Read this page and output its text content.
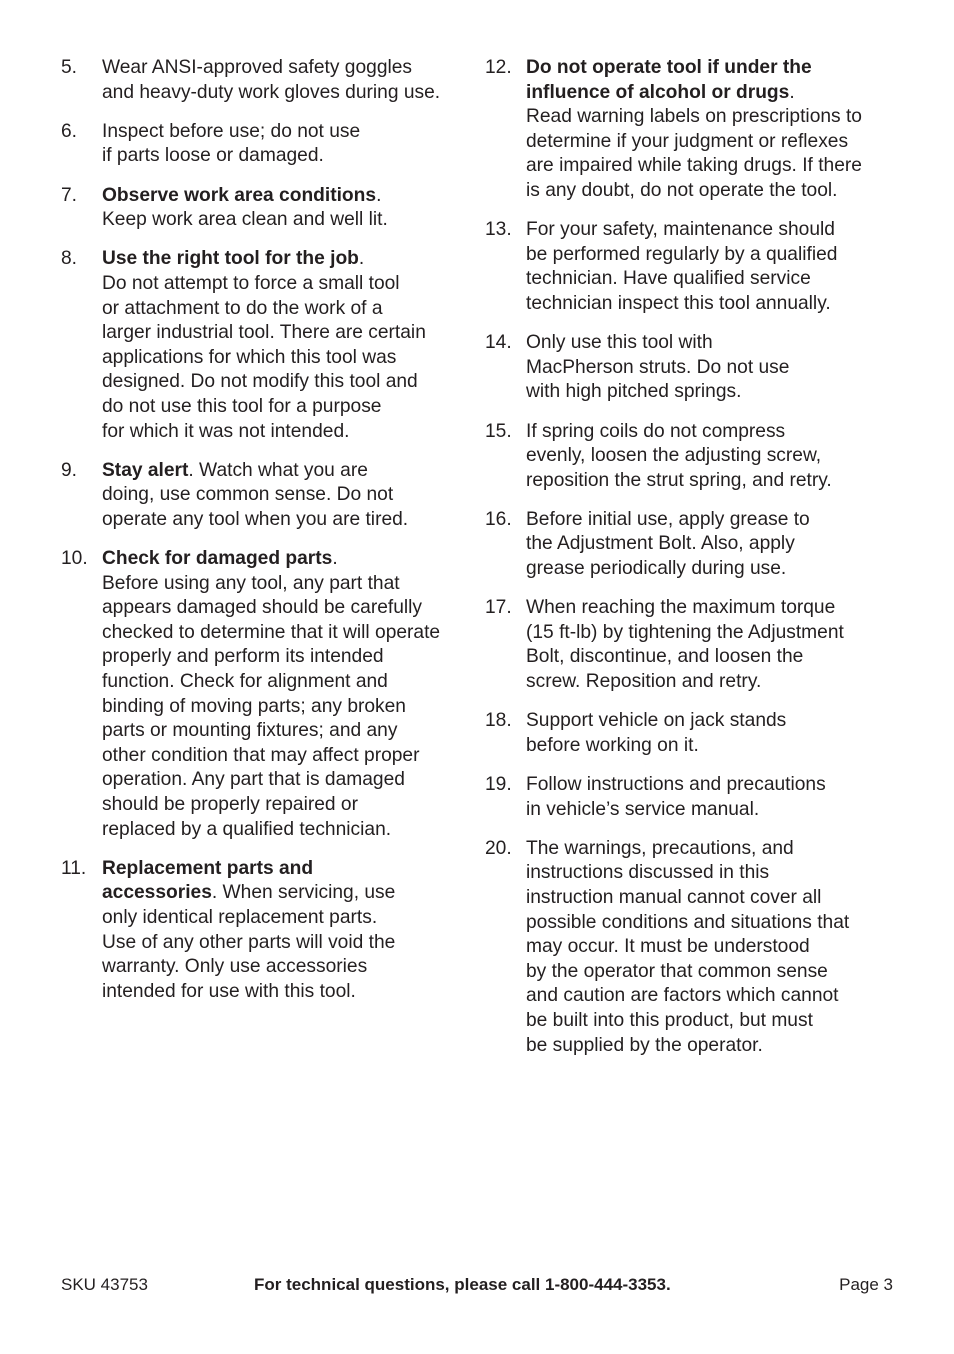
5.	Wear ANSI-approved safety goggles
and heavy-duty work gloves during use.
6.	Inspect before use; do not use
if parts loose or damaged.
7.	Observe work area conditions.
Keep work area clean and well lit.
8.	Use the right tool for the job.
Do not attempt to force a small tool
or attachment to do the work of a
larger industrial tool. There are certain
applications for which this tool was
designed. Do not modify this tool and
do not use this tool for a purpose
for which it was not intended.
9.	Stay alert. Watch what you are
doing, use common sense. Do not
operate any tool when you are tired.
10. Check for damaged parts.
Before using any tool, any part that
appears damaged should be carefully
checked to determine that it will operate
properly and perform its intended
function. Check for alignment and
binding of moving parts; any broken
parts or mounting fixtures; and any
other condition that may affect proper
operation. Any part that is damaged
should be properly repaired or
replaced by a qualified technician.
11. Replacement parts and
accessories. When servicing, use
only identical replacement parts.
Use of any other parts will void the
warranty. Only use accessories
intended for use with this tool.
12. Do not operate tool if under the
influence of alcohol or drugs.
Read warning labels on prescriptions to
determine if your judgment or reflexes
are impaired while taking drugs. If there
is any doubt, do not operate the tool.
13. For your safety, maintenance should
be performed regularly by a qualified
technician. Have qualified service
technician inspect this tool annually.
14. Only use this tool with
MacPherson struts. Do not use
with high pitched springs.
15. If spring coils do not compress
evenly, loosen the adjusting screw,
reposition the strut spring, and retry.
16. Before initial use, apply grease to
the Adjustment Bolt. Also, apply
grease periodically during use.
17. When reaching the maximum torque
(15 ft-lb) by tightening the Adjustment
Bolt, discontinue, and loosen the
screw. Reposition and retry.
18. Support vehicle on jack stands
before working on it.
19. Follow instructions and precautions
in vehicle’s service manual.
20. The warnings, precautions, and
instructions discussed in this
instruction manual cannot cover all
possible conditions and situations that
may occur. It must be understood
by the operator that common sense
and caution are factors which cannot
be built into this product, but must
be supplied by the operator.
SKU 43753	For technical questions, please call 1-800-444-3353.	Page 3
